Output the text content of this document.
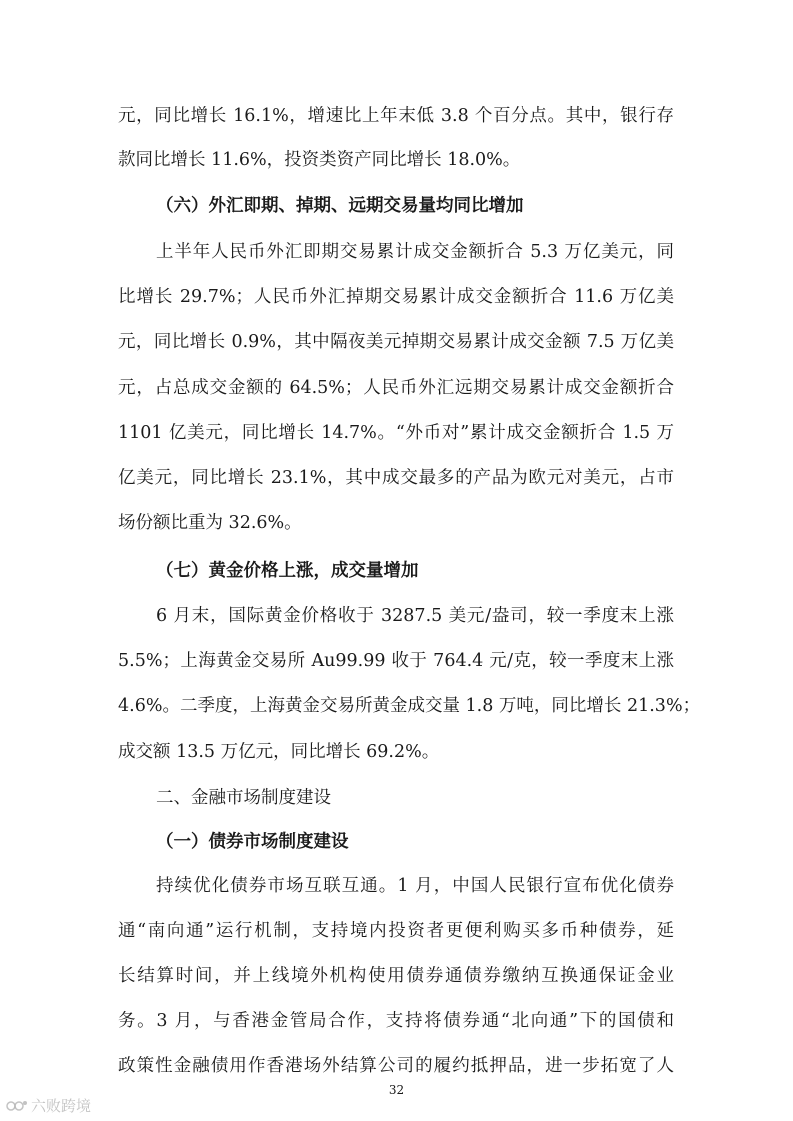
元，同比增长 16.1%，增速比上年末低 3.8 个百分点。其中，银行存
款同比增长 11.6%，投资类资产同比增长 18.0%。
（六）外汇即期、掉期、远期交易量均同比增加
上半年人民币外汇即期交易累计成交金额折合 5.3 万亿美元，同
比增长 29.7%；人民币外汇掉期交易累计成交金额折合 11.6 万亿美
元，同比增长 0.9%，其中隔夜美元掉期交易累计成交金额 7.5 万亿美
元，占总成交金额的 64.5%；人民币外汇远期交易累计成交金额折合
1101 亿美元，同比增长 14.7%。“外币对”累计成交金额折合 1.5 万
亿美元，同比增长 23.1%，其中成交最多的产品为欧元对美元，占市
场份额比重为 32.6%。
（七）黄金价格上涨，成交量增加
6 月末，国际黄金价格收于 3287.5 美元/盎司，较一季度末上涨
5.5%；上海黄金交易所 Au99.99 收于 764.4 元/克，较一季度末上涨
4.6%。二季度，上海黄金交易所黄金成交量 1.8 万吨，同比增长 21.3%；
成交额 13.5 万亿元，同比增长 69.2%。
二、金融市场制度建设
（一）债券市场制度建设
持续优化债券市场互联互通。1 月，中国人民银行宣布优化债券
通“南向通”运行机制，支持境内投资者更便利购买多币种债券，延
长结算时间，并上线境外机构使用债券通债券缴纳互换通保证金业
务。3 月，与香港金管局合作，支持将债券通“北向通”下的国债和
政策性金融债用作香港场外结算公司的履约抵押品，进一步拓宽了人
32
六败跨境
